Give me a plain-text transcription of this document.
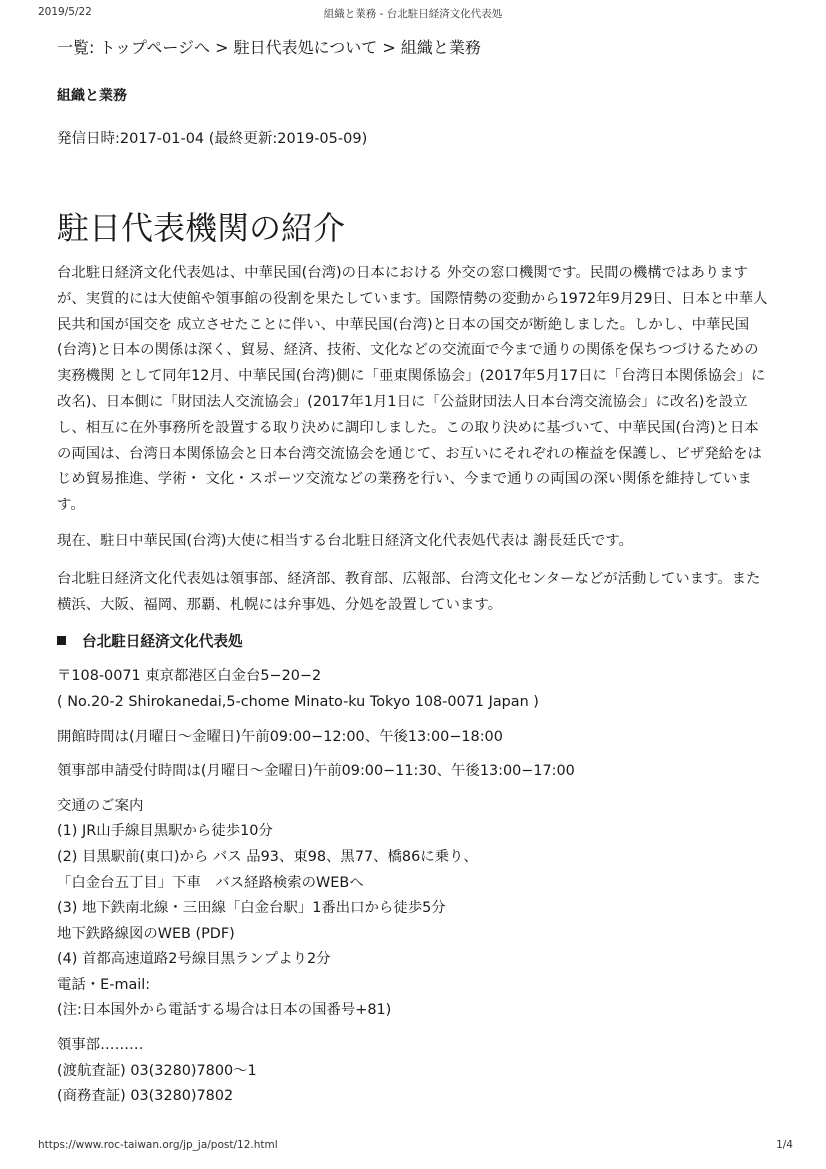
2019/5/22	組織と業務 - 台北駐日経済文化代表処
一覧: トップページへ > 駐日代表処について > 組織と業務
組織と業務
発信日時:2017-01-04 (最終更新:2019-05-09)
駐日代表機関の紹介

台北駐日経済文化代表処は、中華民国(台湾)の日本における 外交の窓口機関です。民間の機構ではありますが、実質的には大使館や領事館の役割を果たしています。国際情勢の変動から1972年9月29日、日本と中華人民共和国が国交を 成立させたことに伴い、中華民国(台湾)と日本の国交が断絶しました。しかし、中華民国(台湾)と日本の関係は深く、貿易、経済、技術、文化などの交流面で今まで通りの関係を保ちつづけるための実務機関 として同年12月、中華民国(台湾)側に「亜東関係協会」(2017年5月17日に「台湾日本関係協会」に改名)、日本側に「財団法人交流協会」(2017年1月1日に「公益財団法人日本台湾交流協会」に改名)を設立し、相互に在外事務所を設置する取り決めに調印しました。この取り決めに基づいて、中華民国(台湾)と日本の両国は、台湾日本関係協会と日本台湾交流協会を通じて、お互いにそれぞれの権益を保護し、ビザ発給をはじめ貿易推進、学術・ 文化・スポーツ交流などの業務を行い、今まで通りの両国の深い関係を維持しています。

現在、駐日中華民国(台湾)大使に相当する台北駐日経済文化代表処代表は 謝長廷氏です。

台北駐日経済文化代表処は領事部、経済部、教育部、広報部、台湾文化センターなどが活動しています。また横浜、大阪、福岡、那覇、札幌には弁事処、分処を設置しています。

台北駐日経済文化代表処
〒108-0071 東京都港区白金台5−20−2
( No.20-2 Shirokanedai,5-chome Minato-ku Tokyo 108-0071 Japan )
開館時間は(月曜日〜金曜日)午前09:00−12:00、午後13:00−18:00
領事部申請受付時間は(月曜日〜金曜日)午前09:00−11:30、午後13:00−17:00
交通のご案内
(1) JR山手線目黒駅から徒歩10分
(2) 目黒駅前(東口)から バス 品93、東98、黒77、橋86に乗り、
「白金台五丁目」下車　バス経路検索のWEBへ
(3) 地下鉄南北線・三田線「白金台駅」1番出口から徒歩5分
地下鉄路線図のWEB (PDF)
(4) 首都高速道路2号線目黒ランプより2分
電話・E-mail:
(注:日本国外から電話する場合は日本の国番号+81)
領事部………
(渡航査証) 03(3280)7800〜1
(商務査証) 03(3280)7802
https://www.roc-taiwan.org/jp_ja/post/12.html	1/4
